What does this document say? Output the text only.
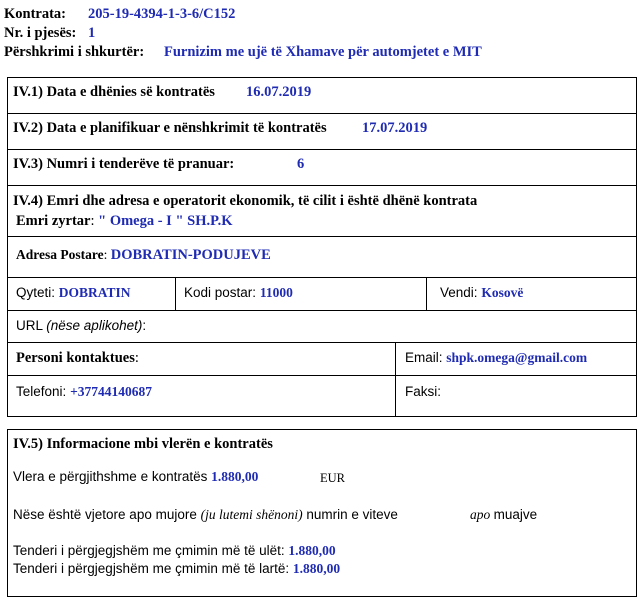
Kontrata: 205-19-4394-1-3-6/C152
Nr. i pjesës: 1
Përshkrimi i shkurtër: Furnizim me ujë të Xhamave për automjetet e MIT
IV.1) Data e dhënies së kontratës 16.07.2019
IV.2) Data e planifikuar e nënshkrimit të kontratës 17.07.2019
IV.3) Numri i tenderëve të pranuar:	6
IV.4) Emri dhe adresa e operatorit ekonomik, të cilit i është dhënë kontrata
Emri zyrtar: " Omega - I " SH.P.K
Adresa Postare: DOBRATIN-PODUJEVE
Qyteti: DOBRATIN	Kodi postar: 11000	Vendi: Kosovë
URL (nëse aplikohet):
Personi kontaktues:	Email: shpk.omega@gmail.com
Telefoni: +37744140687	Faksi:
IV.5) Informacione mbi vlerën e kontratës
Vlera e përgjithshme e kontratës 1.880,00	EUR
Nëse është vjetore apo mujore (ju lutemi shënoni) numrin e viteve	apo muajve
Tenderi i përgjegjshëm me çmimin më të ulët: 1.880,00
Tenderi i përgjegjshëm me çmimin më të lartë: 1.880,00
